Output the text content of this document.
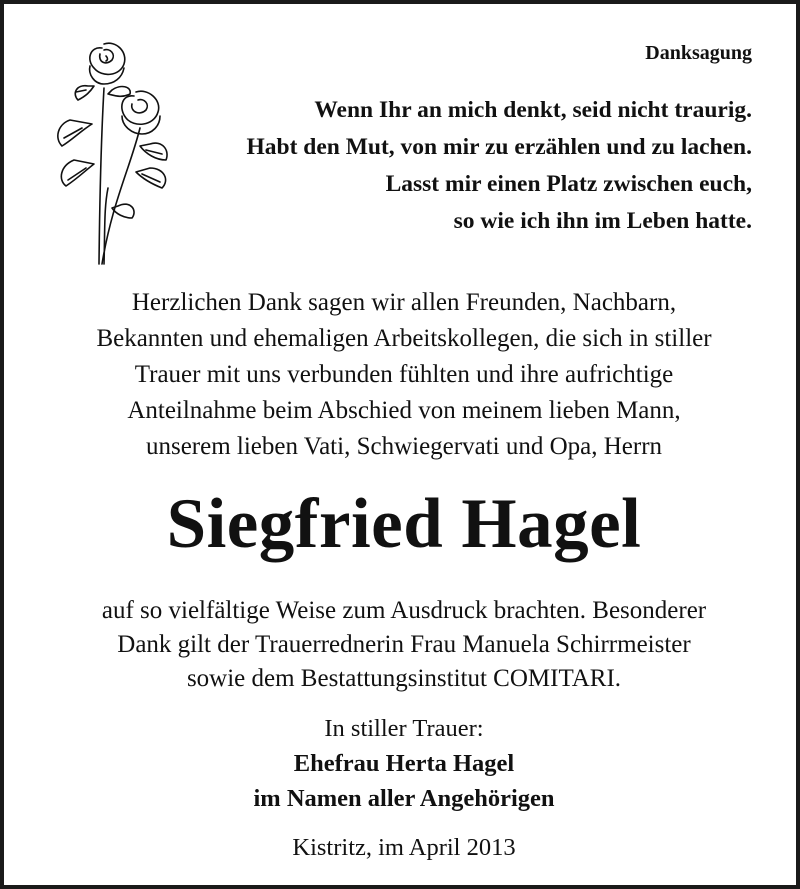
Danksagung
Wenn Ihr an mich denkt, seid nicht traurig.
Habt den Mut, von mir zu erzählen und zu lachen.
Lasst mir einen Platz zwischen euch,
so wie ich ihn im Leben hatte.
Herzlichen Dank sagen wir allen Freunden, Nachbarn,
Bekannten und ehemaligen Arbeitskollegen, die sich in stiller
Trauer mit uns verbunden fühlten und ihre aufrichtige
Anteilnahme beim Abschied von meinem lieben Mann,
unserem lieben Vati, Schwiegervati und Opa, Herrn
Siegfried Hagel
auf so vielfältige Weise zum Ausdruck brachten. Besonderer
Dank gilt der Trauerrednerin Frau Manuela Schirrmeister
sowie dem Bestattungsinstitut COMITARI.
In stiller Trauer:
Ehefrau Herta Hagel
im Namen aller Angehörigen
Kistritz, im April 2013
